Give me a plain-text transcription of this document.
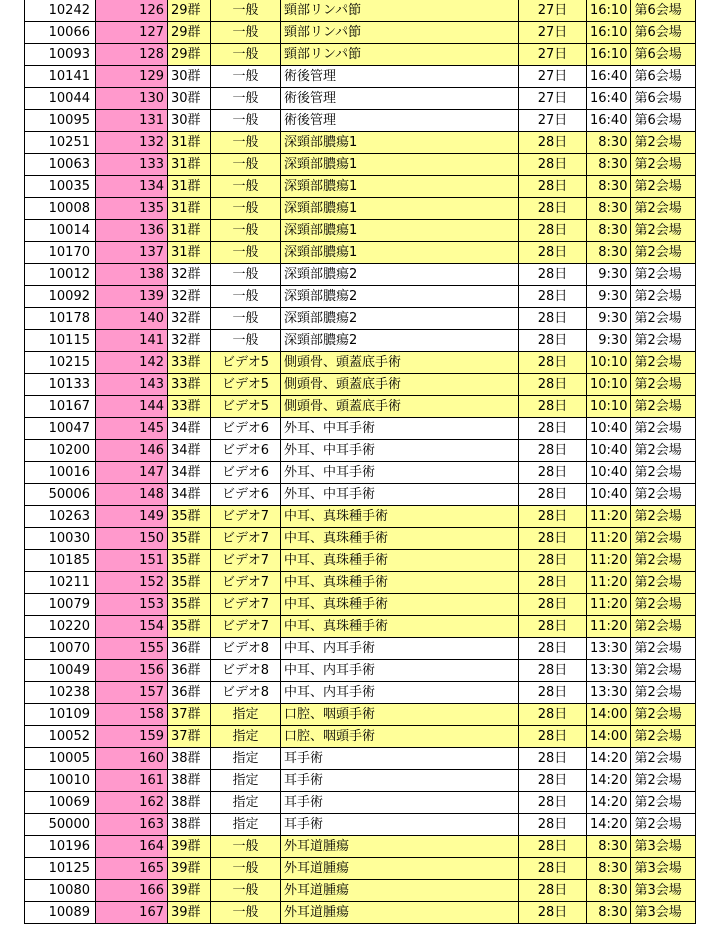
10242	126	29群	一般	頸部リンパ節	27日	16:10	第6会場
10066	127	29群	一般	頸部リンパ節	27日	16:10	第6会場
10093	128	29群	一般	頸部リンパ節	27日	16:10	第6会場
10141	129	30群	一般	術後管理	27日	16:40	第6会場
10044	130	30群	一般	術後管理	27日	16:40	第6会場
10095	131	30群	一般	術後管理	27日	16:40	第6会場
10251	132	31群	一般	深頸部膿瘍1	28日	8:30	第2会場
10063	133	31群	一般	深頸部膿瘍1	28日	8:30	第2会場
10035	134	31群	一般	深頸部膿瘍1	28日	8:30	第2会場
10008	135	31群	一般	深頸部膿瘍1	28日	8:30	第2会場
10014	136	31群	一般	深頸部膿瘍1	28日	8:30	第2会場
10170	137	31群	一般	深頸部膿瘍1	28日	8:30	第2会場
10012	138	32群	一般	深頸部膿瘍2	28日	9:30	第2会場
10092	139	32群	一般	深頸部膿瘍2	28日	9:30	第2会場
10178	140	32群	一般	深頸部膿瘍2	28日	9:30	第2会場
10115	141	32群	一般	深頸部膿瘍2	28日	9:30	第2会場
10215	142	33群	ビデオ5	側頭骨、頭蓋底手術	28日	10:10	第2会場
10133	143	33群	ビデオ5	側頭骨、頭蓋底手術	28日	10:10	第2会場
10167	144	33群	ビデオ5	側頭骨、頭蓋底手術	28日	10:10	第2会場
10047	145	34群	ビデオ6	外耳、中耳手術	28日	10:40	第2会場
10200	146	34群	ビデオ6	外耳、中耳手術	28日	10:40	第2会場
10016	147	34群	ビデオ6	外耳、中耳手術	28日	10:40	第2会場
50006	148	34群	ビデオ6	外耳、中耳手術	28日	10:40	第2会場
10263	149	35群	ビデオ7	中耳、真珠種手術	28日	11:20	第2会場
10030	150	35群	ビデオ7	中耳、真珠種手術	28日	11:20	第2会場
10185	151	35群	ビデオ7	中耳、真珠種手術	28日	11:20	第2会場
10211	152	35群	ビデオ7	中耳、真珠種手術	28日	11:20	第2会場
10079	153	35群	ビデオ7	中耳、真珠種手術	28日	11:20	第2会場
10220	154	35群	ビデオ7	中耳、真珠種手術	28日	11:20	第2会場
10070	155	36群	ビデオ8	中耳、内耳手術	28日	13:30	第2会場
10049	156	36群	ビデオ8	中耳、内耳手術	28日	13:30	第2会場
10238	157	36群	ビデオ8	中耳、内耳手術	28日	13:30	第2会場
10109	158	37群	指定	口腔、咽頭手術	28日	14:00	第2会場
10052	159	37群	指定	口腔、咽頭手術	28日	14:00	第2会場
10005	160	38群	指定	耳手術	28日	14:20	第2会場
10010	161	38群	指定	耳手術	28日	14:20	第2会場
10069	162	38群	指定	耳手術	28日	14:20	第2会場
50000	163	38群	指定	耳手術	28日	14:20	第2会場
10196	164	39群	一般	外耳道腫瘍	28日	8:30	第3会場
10125	165	39群	一般	外耳道腫瘍	28日	8:30	第3会場
10080	166	39群	一般	外耳道腫瘍	28日	8:30	第3会場
10089	167	39群	一般	外耳道腫瘍	28日	8:30	第3会場
